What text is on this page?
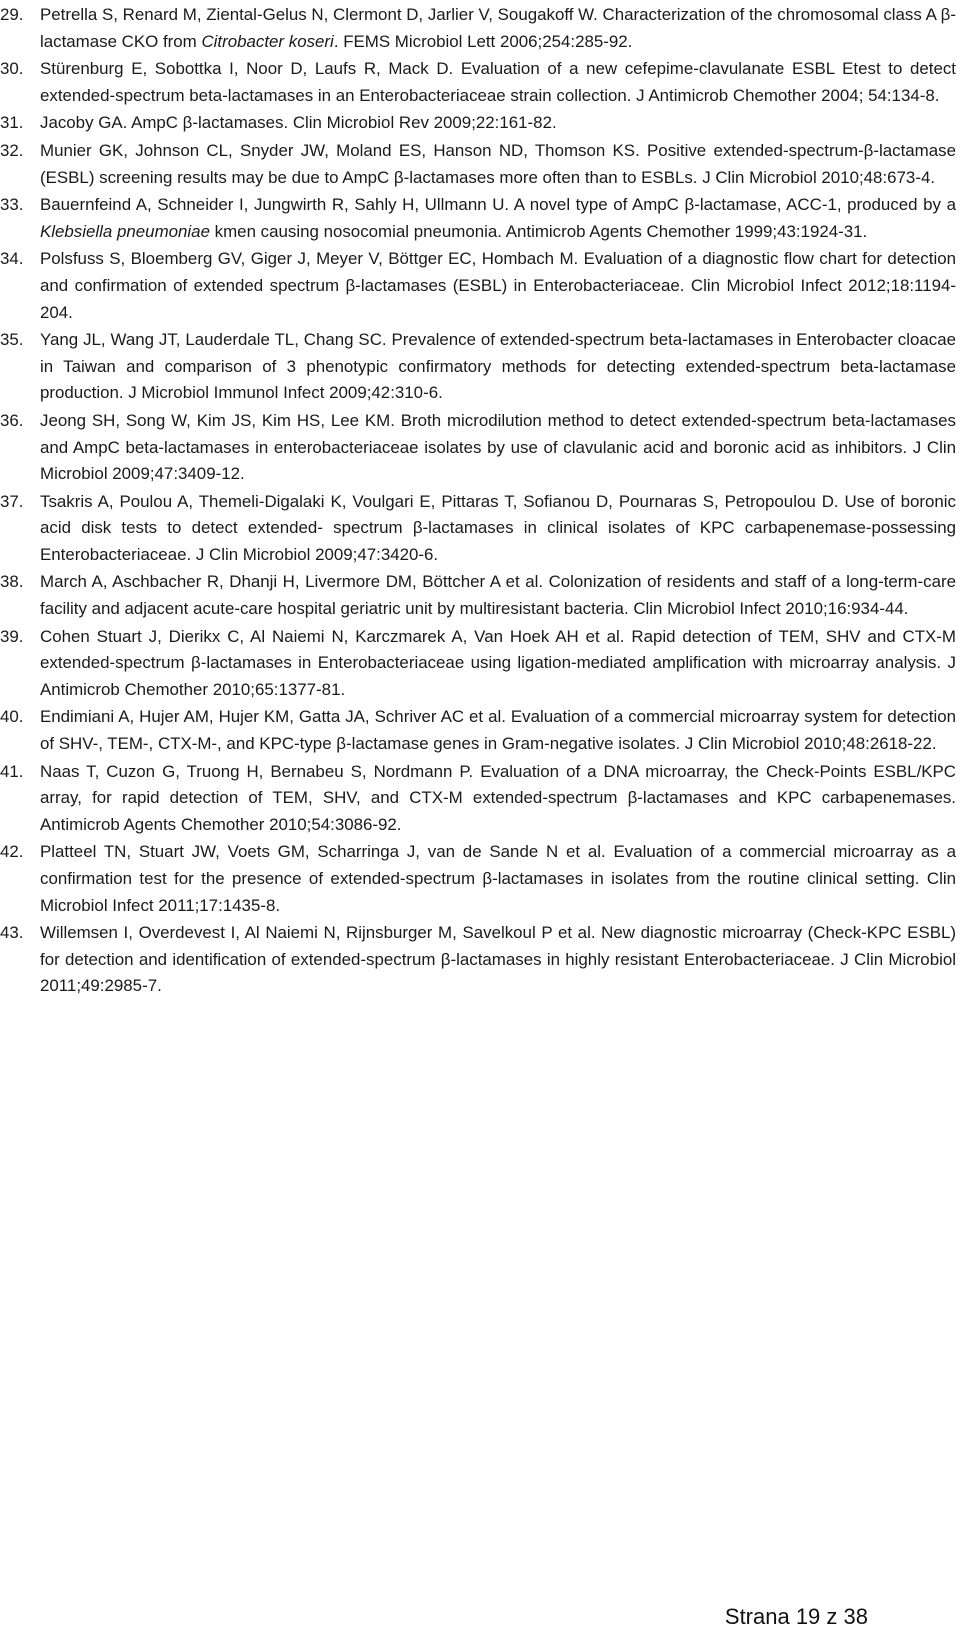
29. Petrella S, Renard M, Ziental-Gelus N, Clermont D, Jarlier V, Sougakoff W. Characterization of the chromosomal class A β-lactamase CKO from Citrobacter koseri. FEMS Microbiol Lett 2006;254:285-92.
30. Stürenburg E, Sobottka I, Noor D, Laufs R, Mack D. Evaluation of a new cefepime-clavulanate ESBL Etest to detect extended-spectrum beta-lactamases in an Enterobacteriaceae strain collection. J Antimicrob Chemother 2004; 54:134-8.
31. Jacoby GA. AmpC β-lactamases. Clin Microbiol Rev 2009;22:161-82.
32. Munier GK, Johnson CL, Snyder JW, Moland ES, Hanson ND, Thomson KS. Positive extended-spectrum-β-lactamase (ESBL) screening results may be due to AmpC β-lactamases more often than to ESBLs. J Clin Microbiol 2010;48:673-4.
33. Bauernfeind A, Schneider I, Jungwirth R, Sahly H, Ullmann U. A novel type of AmpC β-lactamase, ACC-1, produced by a Klebsiella pneumoniae kmen causing nosocomial pneumonia. Antimicrob Agents Chemother 1999;43:1924-31.
34. Polsfuss S, Bloemberg GV, Giger J, Meyer V, Böttger EC, Hombach M. Evaluation of a diagnostic flow chart for detection and confirmation of extended spectrum β-lactamases (ESBL) in Enterobacteriaceae. Clin Microbiol Infect 2012;18:1194-204.
35. Yang JL, Wang JT, Lauderdale TL, Chang SC. Prevalence of extended-spectrum beta-lactamases in Enterobacter cloacae in Taiwan and comparison of 3 phenotypic confirmatory methods for detecting extended-spectrum beta-lactamase production. J Microbiol Immunol Infect 2009;42:310-6.
36. Jeong SH, Song W, Kim JS, Kim HS, Lee KM. Broth microdilution method to detect extended-spectrum beta-lactamases and AmpC beta-lactamases in enterobacteriaceae isolates by use of clavulanic acid and boronic acid as inhibitors. J Clin Microbiol 2009;47:3409-12.
37. Tsakris A, Poulou A, Themeli-Digalaki K, Voulgari E, Pittaras T, Sofianou D, Pournaras S, Petropoulou D. Use of boronic acid disk tests to detect extended- spectrum β-lactamases in clinical isolates of KPC carbapenemase-possessing Enterobacteriaceae. J Clin Microbiol 2009;47:3420-6.
38. March A, Aschbacher R, Dhanji H, Livermore DM, Böttcher A et al. Colonization of residents and staff of a long-term-care facility and adjacent acute-care hospital geriatric unit by multiresistant bacteria. Clin Microbiol Infect 2010;16:934-44.
39. Cohen Stuart J, Dierikx C, Al Naiemi N, Karczmarek A, Van Hoek AH et al. Rapid detection of TEM, SHV and CTX-M extended-spectrum β-lactamases in Enterobacteriaceae using ligation-mediated amplification with microarray analysis. J Antimicrob Chemother 2010;65:1377-81.
40. Endimiani A, Hujer AM, Hujer KM, Gatta JA, Schriver AC et al. Evaluation of a commercial microarray system for detection of SHV-, TEM-, CTX-M-, and KPC-type β-lactamase genes in Gram-negative isolates. J Clin Microbiol 2010;48:2618-22.
41. Naas T, Cuzon G, Truong H, Bernabeu S, Nordmann P. Evaluation of a DNA microarray, the Check-Points ESBL/KPC array, for rapid detection of TEM, SHV, and CTX-M extended-spectrum β-lactamases and KPC carbapenemases. Antimicrob Agents Chemother 2010;54:3086-92.
42. Platteel TN, Stuart JW, Voets GM, Scharringa J, van de Sande N et al. Evaluation of a commercial microarray as a confirmation test for the presence of extended-spectrum β-lactamases in isolates from the routine clinical setting. Clin Microbiol Infect 2011;17:1435-8.
43. Willemsen I, Overdevest I, Al Naiemi N, Rijnsburger M, Savelkoul P et al. New diagnostic microarray (Check-KPC ESBL) for detection and identification of extended-spectrum β-lactamases in highly resistant Enterobacteriaceae. J Clin Microbiol 2011;49:2985-7.
Strana 19 z 38
